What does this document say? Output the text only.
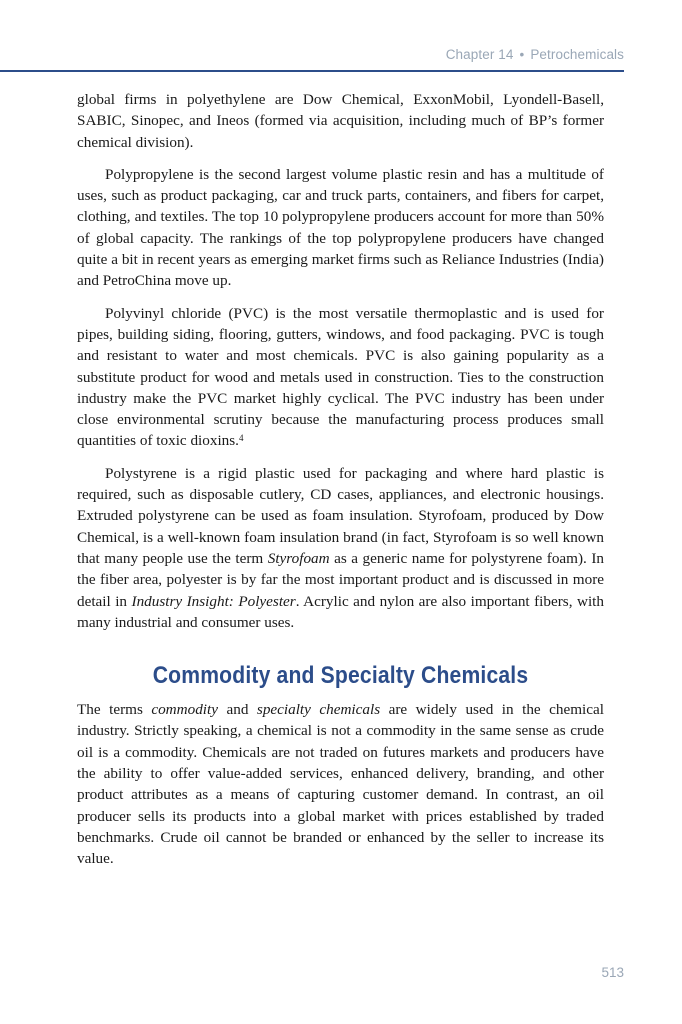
Chapter 14 • Petrochemicals

global firms in polyethylene are Dow Chemical, ExxonMobil, Lyondell-Basell, SABIC, Sinopec, and Ineos (formed via acquisition, including much of BP’s former chemical division).

Polypropylene is the second largest volume plastic resin and has a multitude of uses, such as product packaging, car and truck parts, containers, and fibers for carpet, clothing, and textiles. The top 10 polypropylene producers account for more than 50% of global capacity. The rankings of the top polypropylene producers have changed quite a bit in recent years as emerging market firms such as Reliance Industries (India) and PetroChina move up.

Polyvinyl chloride (PVC) is the most versatile thermoplastic and is used for pipes, building siding, flooring, gutters, windows, and food packaging. PVC is tough and resistant to water and most chemicals. PVC is also gaining popularity as a substitute product for wood and metals used in construction. Ties to the construction industry make the PVC market highly cyclical. The PVC industry has been under close environmental scrutiny because the manufacturing process produces small quantities of toxic dioxins.$^4$

Polystyrene is a rigid plastic used for packaging and where hard plastic is required, such as disposable cutlery, CD cases, appliances, and electronic housings. Extruded polystyrene can be used as foam insulation. Styrofoam, produced by Dow Chemical, is a well-known foam insulation brand (in fact, Styrofoam is so well known that many people use the term Styrofoam as a generic name for polystyrene foam). In the fiber area, polyester is by far the most important product and is discussed in more detail in Industry Insight: Polyester. Acrylic and nylon are also important fibers, with many industrial and consumer uses.

Commodity and Specialty Chemicals

The terms commodity and specialty chemicals are widely used in the chemical industry. Strictly speaking, a chemical is not a commodity in the same sense as crude oil is a commodity. Chemicals are not traded on futures markets and producers have the ability to offer value-added services, enhanced delivery, branding, and other product attributes as a means of capturing customer demand. In contrast, an oil producer sells its products into a global market with prices established by traded benchmarks. Crude oil cannot be branded or enhanced by the seller to increase its value.

513
